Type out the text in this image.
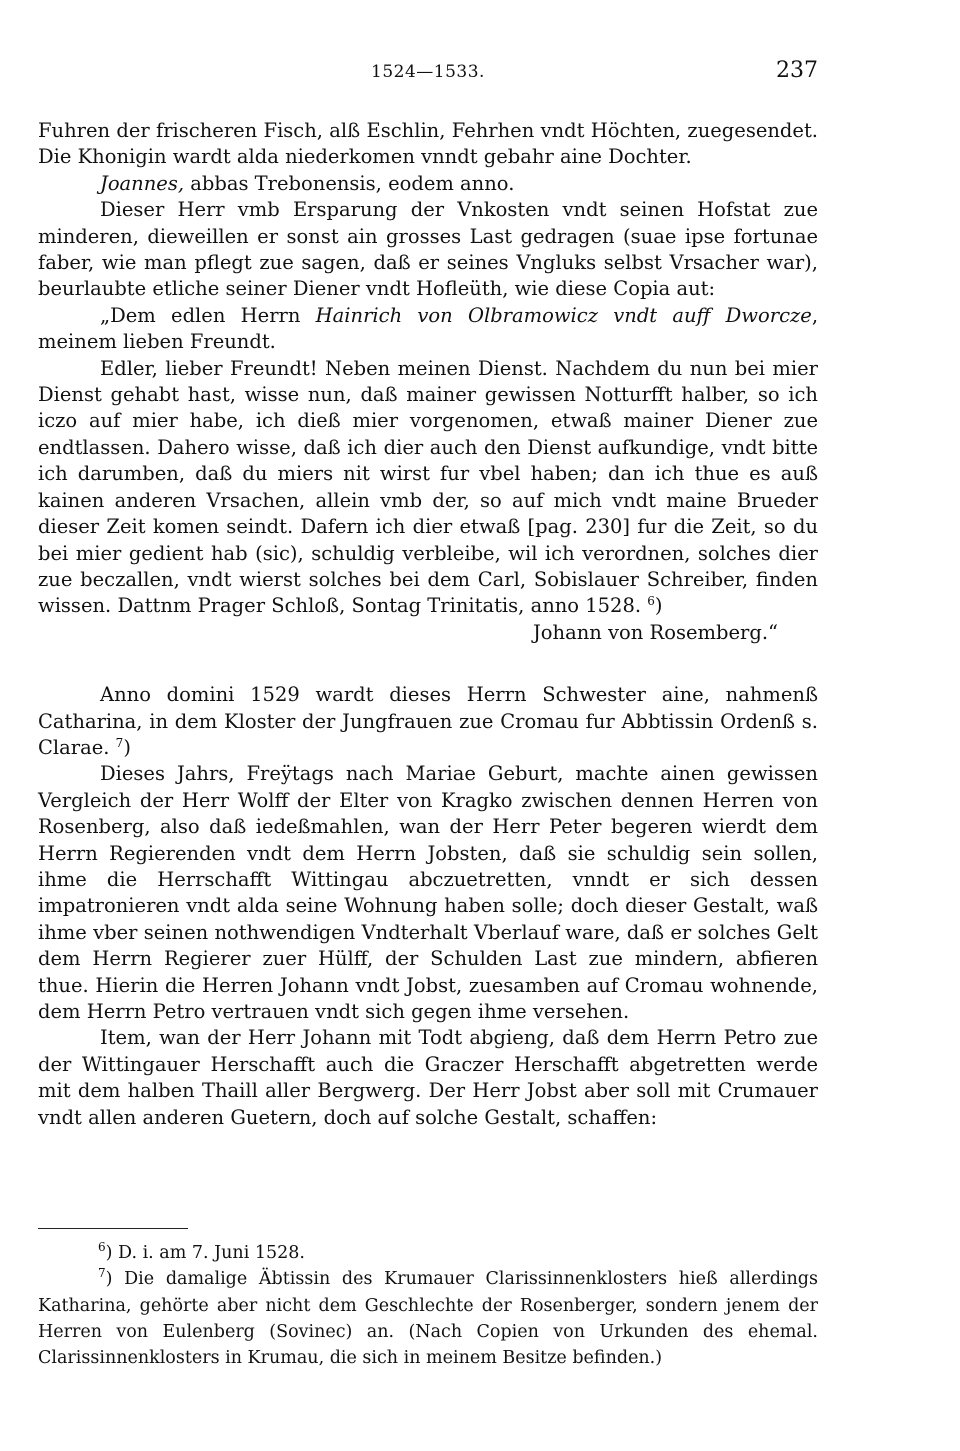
1524—1533.	237

Fuhren der frischeren Fisch, alß Eschlin, Fehrhen vndt Höchten, zuegesendet. Die Khonigin wardt alda niederkomen vnndt gebahr aine Dochter.

Joannes, abbas Trebonensis, eodem anno.

Dieser Herr vmb Ersparung der Vnkosten vndt seinen Hofstat zue minderen, dieweillen er sonst ain grosses Last gedragen (suae ipse fortunae faber, wie man pflegt zue sagen, daß er seines Vngluks selbst Vrsacher war), beurlaubte etliche seiner Diener vndt Hofleüth, wie diese Copia aut:

„Dem edlen Herrn Hainrich von Olbramowicz vndt auff Dworcze, meinem lieben Freundt.

Edler, lieber Freundt! Neben meinen Dienst. Nachdem du nun bei mier Dienst gehabt hast, wisse nun, daß mainer gewissen Notturfft halber, so ich iczo auf mier habe, ich dieß mier vorgenomen, etwaß mainer Diener zue endtlassen. Dahero wisse, daß ich dier auch den Dienst aufkundige, vndt bitte ich darumben, daß du miers nit wirst fur vbel haben; dan ich thue es auß kainen anderen Vrsachen, allein vmb der, so auf mich vndt maine Brueder dieser Zeit komen seindt. Dafern ich dier etwaß [pag. 230] fur die Zeit, so du bei mier gedient hab (sic), schuldig verbleibe, wil ich verordnen, solches dier zue beczallen, vndt wierst solches bei dem Carl, Sobislauer Schreiber, finden wissen. Dattnm Prager Schloß, Sontag Trinitatis, anno 1528. $^6$)

Johann von Rosemberg.“

Anno domini 1529 wardt dieses Herrn Schwester aine, nahmenß Catharina, in dem Kloster der Jungfrauen zue Cromau fur Abbtissin Ordenß s. Clarae. $^7$)

Dieses Jahrs, Freÿtags nach Mariae Geburt, machte ainen gewissen Vergleich der Herr Wolff der Elter von Kragko zwischen dennen Herren von Rosenberg, also daß iedeßmahlen, wan der Herr Peter begeren wierdt dem Herrn Regierenden vndt dem Herrn Jobsten, daß sie schuldig sein sollen, ihme die Herrschafft Wittingau abczuetretten, vnndt er sich dessen impatronieren vndt alda seine Wohnung haben solle; doch dieser Gestalt, waß ihme vber seinen nothwendigen Vndterhalt Vberlauf ware, daß er solches Gelt dem Herrn Regierer zuer Hülff, der Schulden Last zue mindern, abfieren thue. Hierin die Herren Johann vndt Jobst, zuesamben auf Cromau wohnende, dem Herrn Petro vertrauen vndt sich gegen ihme versehen.

Item, wan der Herr Johann mit Todt abgieng, daß dem Herrn Petro zue der Wittingauer Herschafft auch die Graczer Herschafft abgetretten werde mit dem halben Thaill aller Bergwerg. Der Herr Jobst aber soll mit Crumauer vndt allen anderen Guetern, doch auf solche Gestalt, schaffen:

$^6$) D. i. am 7. Juni 1528.

$^7$) Die damalige Äbtissin des Krumauer Clarissinnenklosters hieß allerdings Katharina, gehörte aber nicht dem Geschlechte der Rosenberger, sondern jenem der Herren von Eulenberg (Sovinec) an. (Nach Copien von Urkunden des ehemal. Clarissinnenklosters in Krumau, die sich in meinem Besitze befinden.)
